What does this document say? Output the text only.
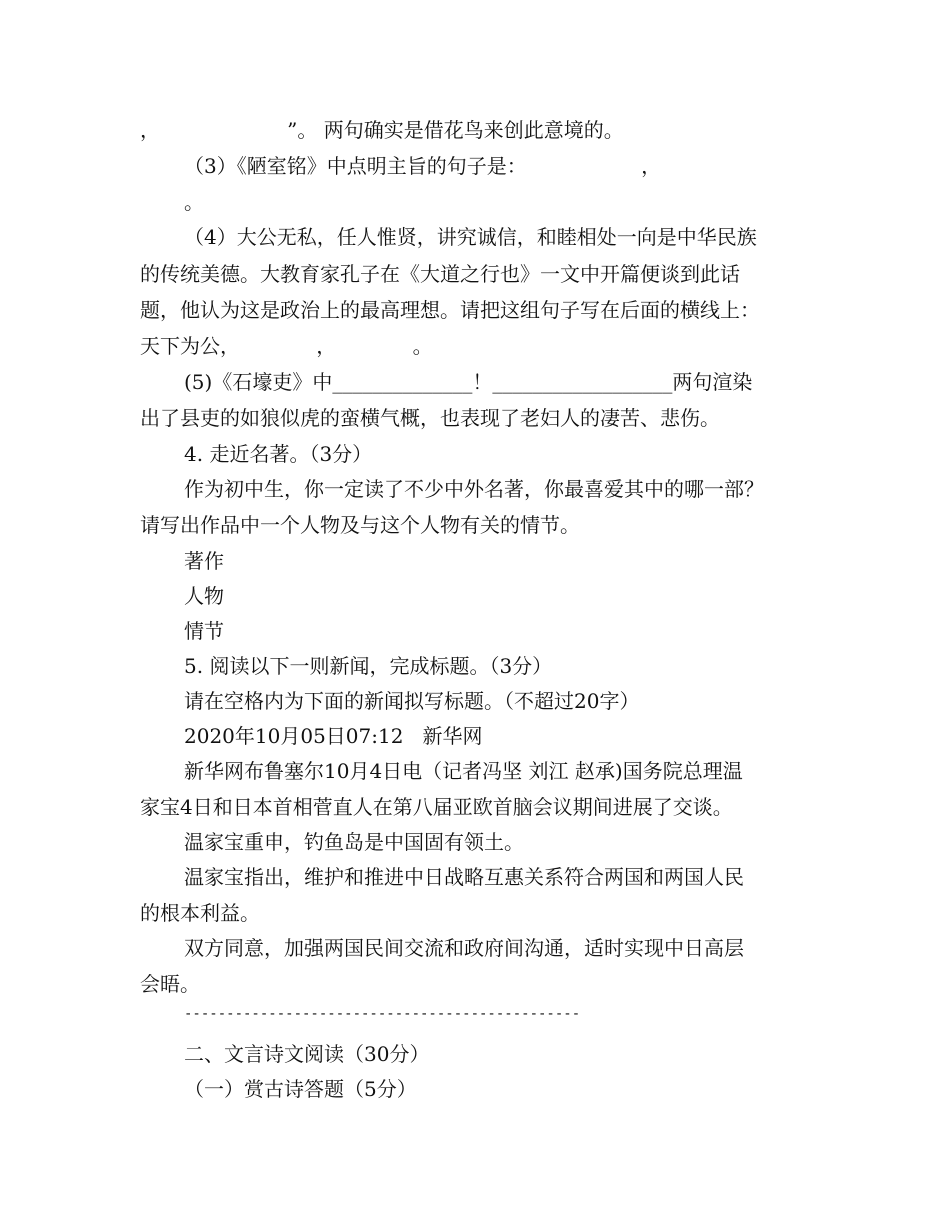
，                    ”。 两句确实是借花鸟来创此意境的。
（3）《陋室铭》中点明主旨的句子是：                  ，
。
（4）大公无私，任人惟贤，讲究诚信，和睦相处一向是中华民族
的传统美德。大教育家孔子在《大道之行也》一文中开篇便谈到此话
题，他认为这是政治上的最高理想。请把这组句子写在后面的横线上：
天下为公，            ，            。
(5)《石壕吏》中______________！__________________两句渲染
出了县吏的如狼似虎的蛮横气概，也表现了老妇人的凄苦、悲伤。
4. 走近名著。（3分）
作为初中生，你一定读了不少中外名著，你最喜爱其中的哪一部？
请写出作品中一个人物及与这个人物有关的情节。
著作
人物
情节
5. 阅读以下一则新闻，完成标题。（3分）
请在空格内为下面的新闻拟写标题。（不超过20字）
2020年10月05日07:12   新华网
新华网布鲁塞尔10月4日电（记者冯坚 刘江 赵承)国务院总理温
家宝4日和日本首相菅直人在第八届亚欧首脑会议期间进展了交谈。
温家宝重申，钓鱼岛是中国固有领土。
温家宝指出，维护和推进中日战略互惠关系符合两国和两国人民
的根本利益。
双方同意，加强两国民间交流和政府间沟通，适时实现中日高层
会晤。
-----------------------------------------------
二、文言诗文阅读（30分）
（一）赏古诗答题（5分）
